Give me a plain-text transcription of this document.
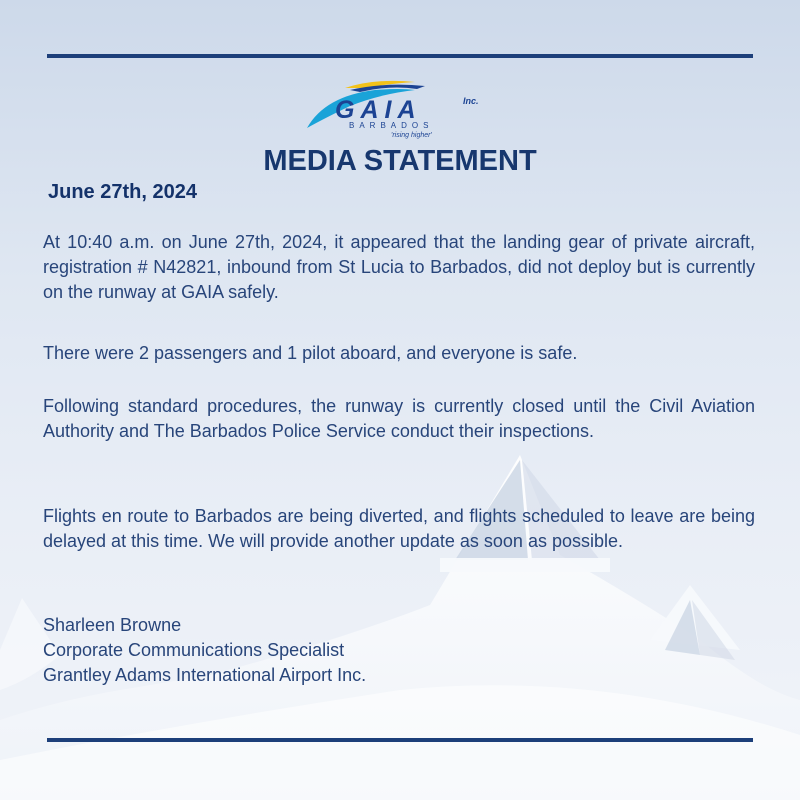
GAIA	Inc.
BARBADOS
'rising higher'
MEDIA STATEMENT
June 27th, 2024

At 10:40 a.m. on June 27th, 2024, it appeared that the landing gear of private aircraft, registration # N42821, inbound from St Lucia to Barbados, did not deploy but is currently on the runway at GAIA safely.

There were 2 passengers and 1 pilot aboard, and everyone is safe.

Following standard procedures, the runway is currently closed until the Civil Aviation Authority and The Barbados Police Service conduct their inspections.

Flights en route to Barbados are being diverted, and flights scheduled to leave are being delayed at this time. We will provide another update as soon as possible.

Sharleen Browne
Corporate Communications Specialist
Grantley Adams International Airport Inc.
